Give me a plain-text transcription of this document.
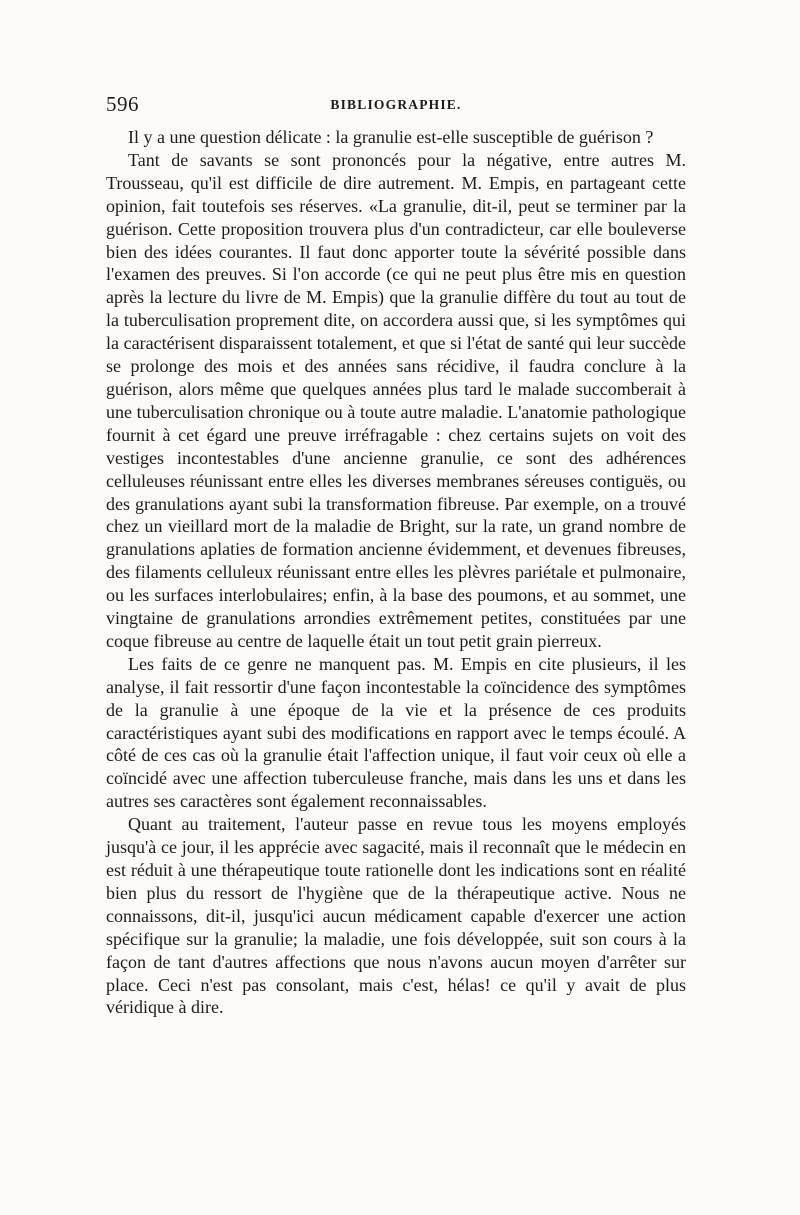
596	BIBLIOGRAPHIE.

Il y a une question délicate : la granulie est-elle susceptible de guérison ?

Tant de savants se sont prononcés pour la négative, entre autres M. Trousseau, qu'il est difficile de dire autrement. M. Empis, en partageant cette opinion, fait toutefois ses réserves. «La granulie, dit-il, peut se terminer par la guérison. Cette proposition trouvera plus d'un contradicteur, car elle bouleverse bien des idées courantes. Il faut donc apporter toute la sévérité possible dans l'examen des preuves. Si l'on accorde (ce qui ne peut plus être mis en question après la lecture du livre de M. Empis) que la granulie diffère du tout au tout de la tuberculisation proprement dite, on accordera aussi que, si les symptômes qui la caractérisent disparaissent totalement, et que si l'état de santé qui leur succède se prolonge des mois et des années sans récidive, il faudra conclure à la guérison, alors même que quelques années plus tard le malade succomberait à une tuberculisation chronique ou à toute autre maladie. L'anatomie pathologique fournit à cet égard une preuve irréfragable : chez certains sujets on voit des vestiges incontestables d'une ancienne granulie, ce sont des adhérences celluleuses réunissant entre elles les diverses membranes séreuses contiguës, ou des granulations ayant subi la transformation fibreuse. Par exemple, on a trouvé chez un vieillard mort de la maladie de Bright, sur la rate, un grand nombre de granulations aplaties de formation ancienne évidemment, et devenues fibreuses, des filaments celluleux réunissant entre elles les plèvres pariétale et pulmonaire, ou les surfaces interlobulaires; enfin, à la base des poumons, et au sommet, une vingtaine de granulations arrondies extrêmement petites, constituées par une coque fibreuse au centre de laquelle était un tout petit grain pierreux.

Les faits de ce genre ne manquent pas. M. Empis en cite plusieurs, il les analyse, il fait ressortir d'une façon incontestable la coïncidence des symptômes de la granulie à une époque de la vie et la présence de ces produits caractéristiques ayant subi des modifications en rapport avec le temps écoulé. A côté de ces cas où la granulie était l'affection unique, il faut voir ceux où elle a coïncidé avec une affection tuberculeuse franche, mais dans les uns et dans les autres ses caractères sont également reconnaissables.

Quant au traitement, l'auteur passe en revue tous les moyens employés jusqu'à ce jour, il les apprécie avec sagacité, mais il reconnaît que le médecin en est réduit à une thérapeutique toute rationelle dont les indications sont en réalité bien plus du ressort de l'hygiène que de la thérapeutique active. Nous ne connaissons, dit-il, jusqu'ici aucun médicament capable d'exercer une action spécifique sur la granulie; la maladie, une fois développée, suit son cours à la façon de tant d'autres affections que nous n'avons aucun moyen d'arrêter sur place. Ceci n'est pas consolant, mais c'est, hélas! ce qu'il y avait de plus véridique à dire.
